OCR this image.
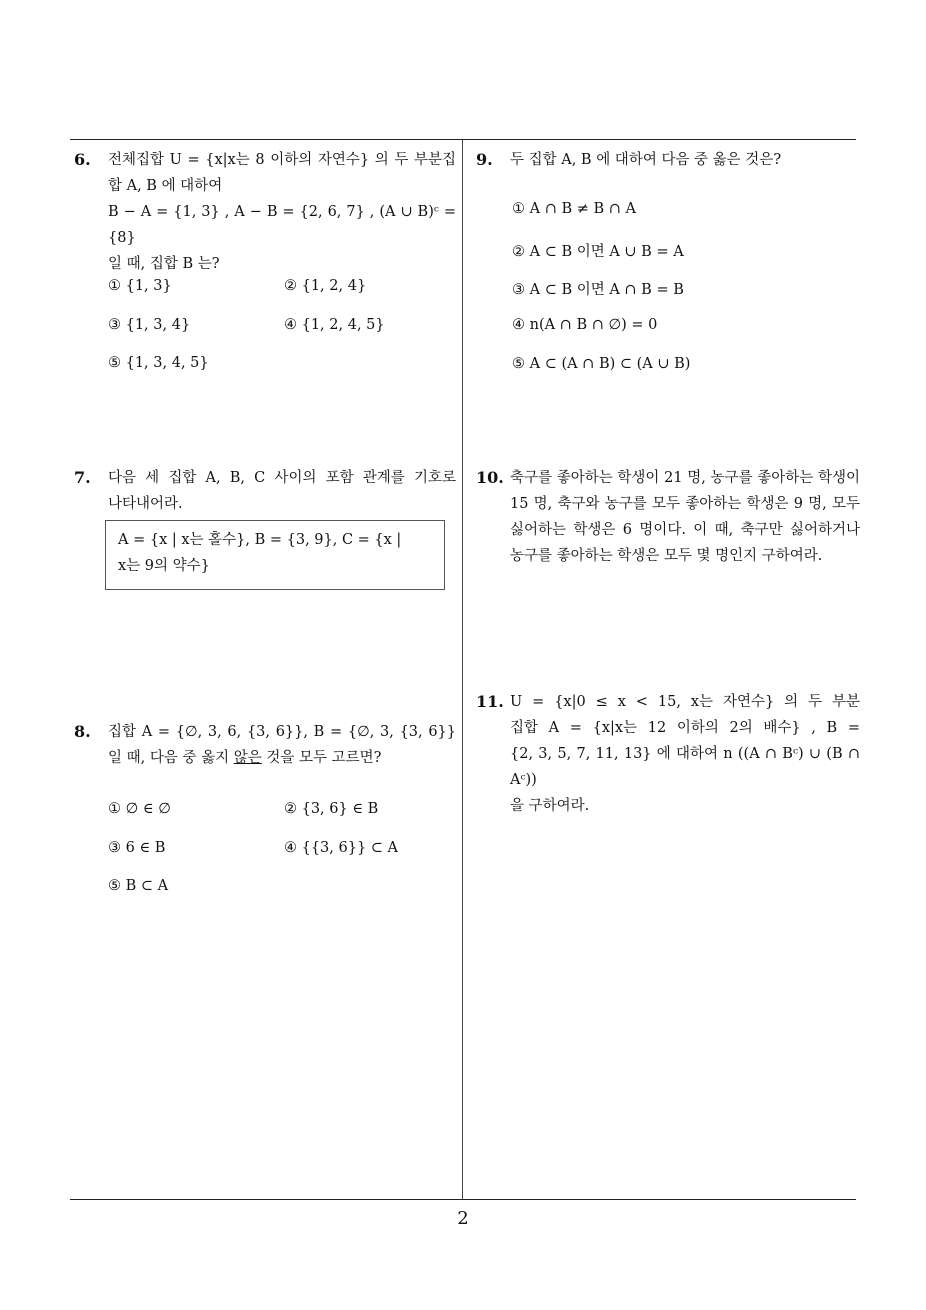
6. 전체집합 U = {x|x는 8 이하의 자연수} 의 두 부분집
합 A, B 에 대하여
B − A = {1, 3} , A − B = {2, 6, 7} , (A ∪ B)ᶜ = {8}
일 때, 집합 B 는?
① {1, 3}	② {1, 2, 4}
③ {1, 3, 4}	④ {1, 2, 4, 5}
⑤ {1, 3, 4, 5}
7. 다음 세 집합 A, B, C 사이의 포함 관계를 기호로
나타내어라.
A = {x | x는 홀수}, B = {3, 9}, C = {x |
x는 9의 약수}
8. 집합 A = {∅, 3, 6, {3, 6}}, B = {∅, 3, {3, 6}}
일 때, 다음 중 옳지 않은 것을 모두 고르면?
① ∅ ∈ ∅	② {3, 6} ∈ B
③ 6 ∈ B	④ {{3, 6}} ⊂ A
⑤ B ⊂ A
9. 두 집합 A, B 에 대하여 다음 중 옳은 것은?
① A ∩ B ≠ B ∩ A
② A ⊂ B 이면 A ∪ B = A
③ A ⊂ B 이면 A ∩ B = B
④ n(A ∩ B ∩ ∅) = 0
⑤ A ⊂ (A ∩ B) ⊂ (A ∪ B)
10. 축구를 좋아하는 학생이 21 명, 농구를 좋아하는 학생이
15 명, 축구와 농구를 모두 좋아하는 학생은 9 명, 모두
싫어하는 학생은 6 명이다. 이 때, 축구만 싫어하거나
농구를 좋아하는 학생은 모두 몇 명인지 구하여라.
11. U = {x|0 ≤ x < 15, x는 자연수} 의 두 부분
집합 A = {x|x는 12 이하의 2의 배수} , B =
{2, 3, 5, 7, 11, 13} 에 대하여 n ((A ∩ Bᶜ) ∪ (B ∩ Aᶜ))
을 구하여라.
2
